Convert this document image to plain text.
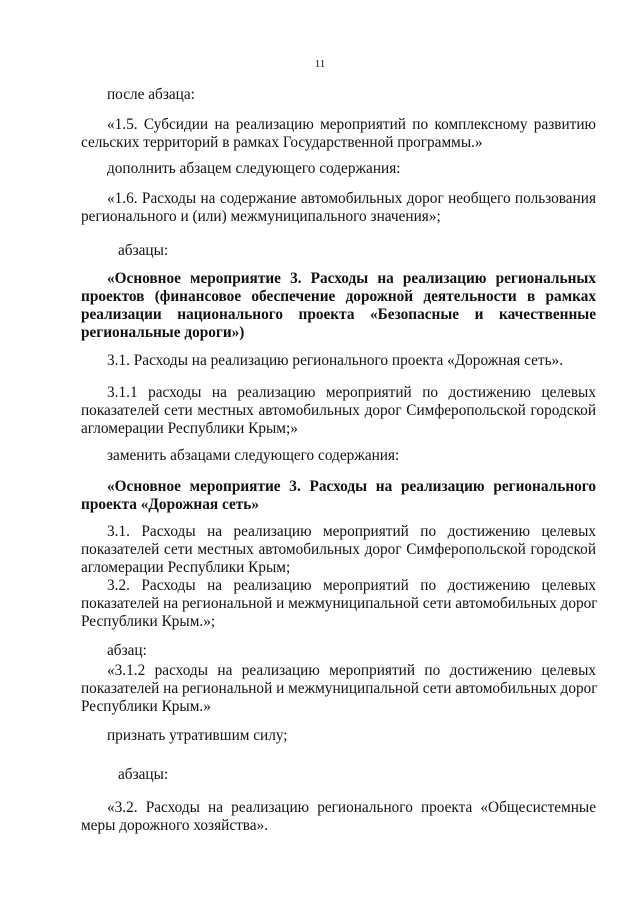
11

после абзаца:

«1.5. Субсидии на реализацию мероприятий по комплексному развитию
сельских территорий в рамках Государственной программы.»

дополнить абзацем следующего содержания:

«1.6. Расходы на содержание автомобильных дорог необщего пользования
регионального и (или) межмуниципального значения»;

абзацы:

«Основное мероприятие 3. Расходы на реализацию региональных
проектов (финансовое обеспечение дорожной деятельности в рамках
реализации национального проекта «Безопасные и качественные
региональные дороги»)

3.1. Расходы на реализацию регионального проекта «Дорожная сеть».

3.1.1 расходы на реализацию мероприятий по достижению целевых
показателей сети местных автомобильных дорог Симферопольской городской
агломерации Республики Крым;»

заменить абзацами следующего содержания:

«Основное мероприятие 3. Расходы на реализацию регионального
проекта «Дорожная сеть»

3.1. Расходы на реализацию мероприятий по достижению целевых
показателей сети местных автомобильных дорог Симферопольской городской
агломерации Республики Крым;

3.2. Расходы на реализацию мероприятий по достижению целевых
показателей на региональной и межмуниципальной сети автомобильных дорог
Республики Крым.»;

абзац:

«3.1.2 расходы на реализацию мероприятий по достижению целевых
показателей на региональной и межмуниципальной сети автомобильных дорог
Республики Крым.»

признать утратившим силу;

абзацы:

«3.2. Расходы на реализацию регионального проекта «Общесистемные
меры дорожного хозяйства».
